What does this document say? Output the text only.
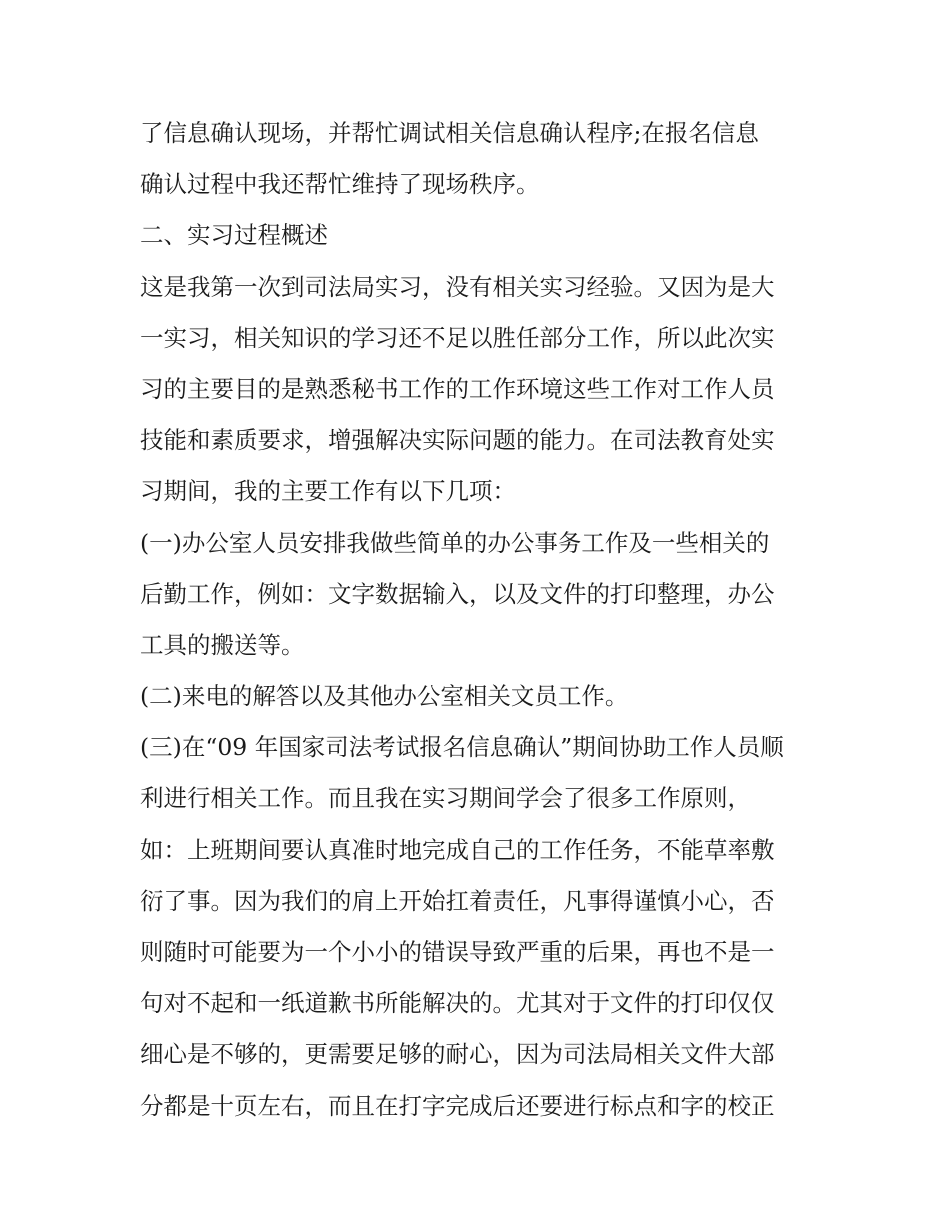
了信息确认现场，并帮忙调试相关信息确认程序;在报名信息
确认过程中我还帮忙维持了现场秩序。
二、实习过程概述
这是我第一次到司法局实习，没有相关实习经验。又因为是大
一实习，相关知识的学习还不足以胜任部分工作，所以此次实
习的主要目的是熟悉秘书工作的工作环境这些工作对工作人员
技能和素质要求，增强解决实际问题的能力。在司法教育处实
习期间，我的主要工作有以下几项：
(一)办公室人员安排我做些简单的办公事务工作及一些相关的
后勤工作，例如：文字数据输入，以及文件的打印整理，办公
工具的搬送等。
(二)来电的解答以及其他办公室相关文员工作。
(三)在“09 年国家司法考试报名信息确认”期间协助工作人员顺
利进行相关工作。而且我在实习期间学会了很多工作原则，
如：上班期间要认真准时地完成自己的工作任务，不能草率敷
衍了事。因为我们的肩上开始扛着责任，凡事得谨慎小心，否
则随时可能要为一个小小的错误导致严重的后果，再也不是一
句对不起和一纸道歉书所能解决的。尤其对于文件的打印仅仅
细心是不够的，更需要足够的耐心，因为司法局相关文件大部
分都是十页左右，而且在打字完成后还要进行标点和字的校正
